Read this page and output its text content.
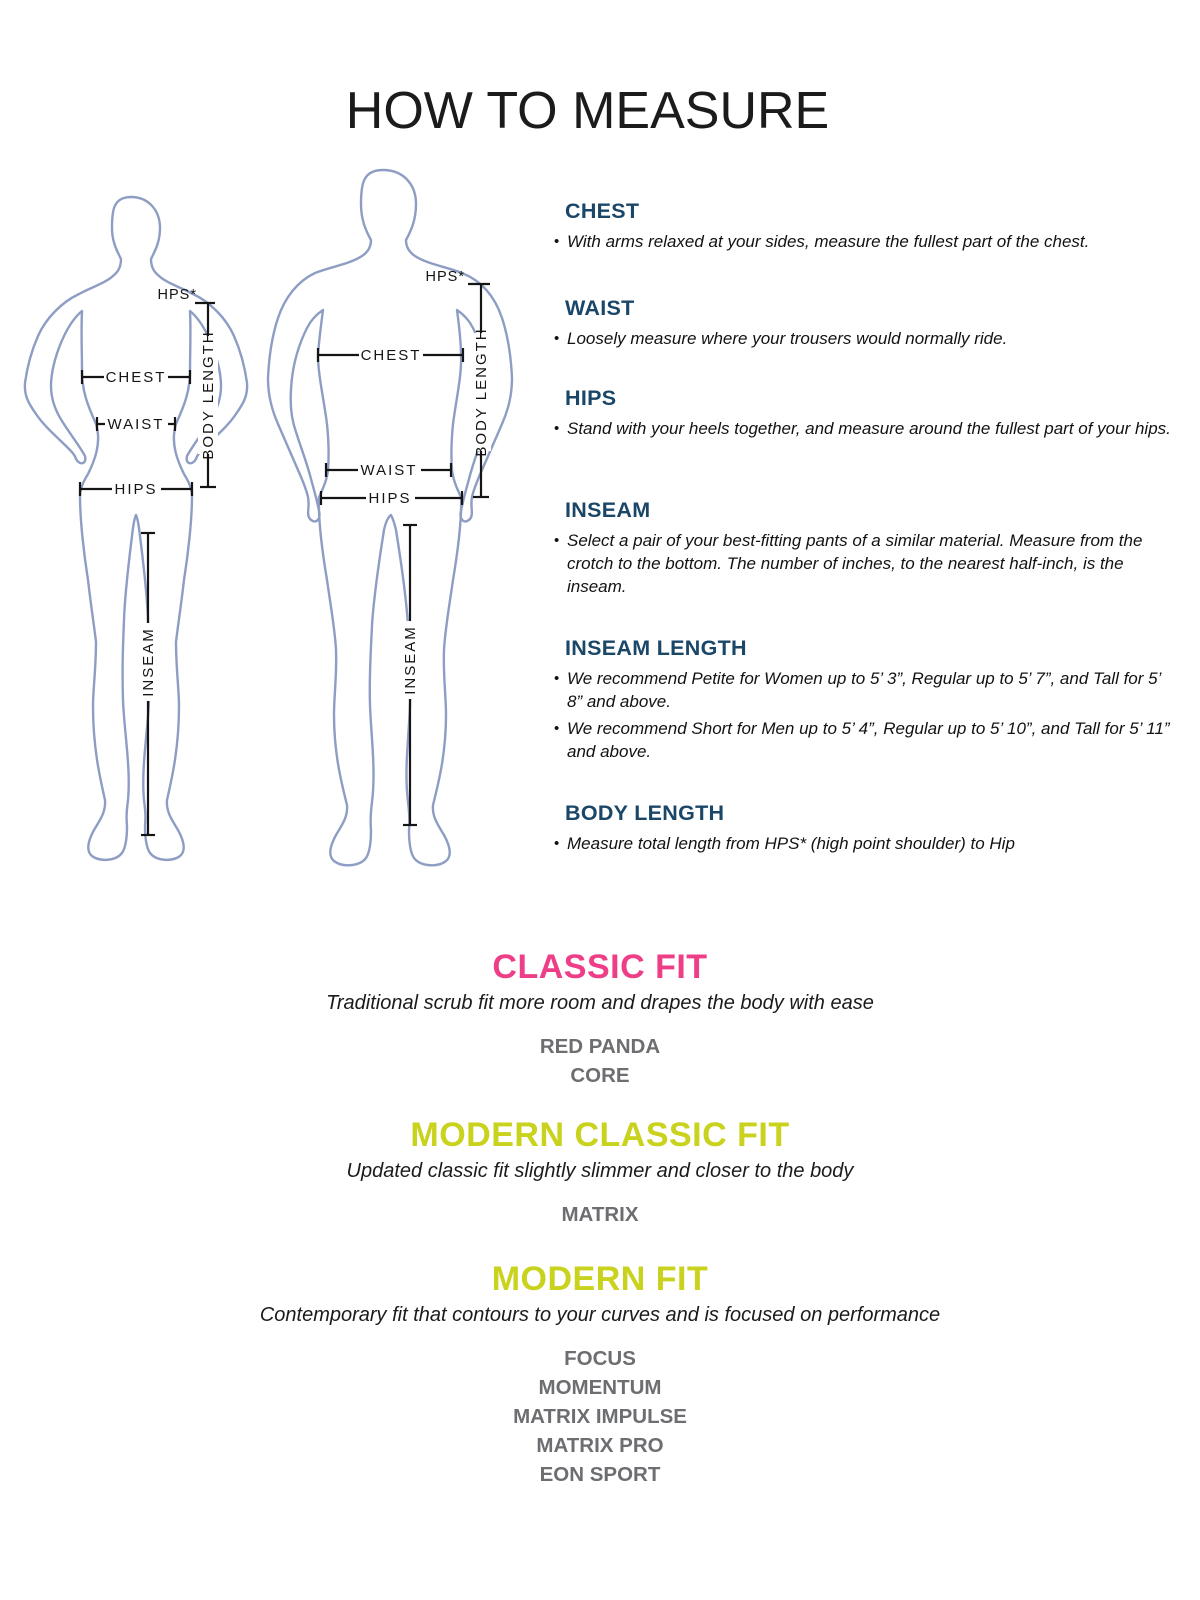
HOW TO MEASURE
HPS*
BODY LENGTH
CHEST
WAIST
HIPS
INSEAM
HPS*
BODY LENGTH
CHEST
WAIST
HIPS
INSEAM
CHEST
• With arms relaxed at your sides, measure the fullest part of the chest.
WAIST
• Loosely measure where your trousers would normally ride.
HIPS
• Stand with your heels together, and measure around the fullest part of your hips.
INSEAM
• Select a pair of your best-fitting pants of a similar material. Measure from the crotch to the bottom. The number of inches, to the nearest half-inch, is the inseam.
INSEAM LENGTH
• We recommend Petite for Women up to 5’ 3”, Regular up to 5’ 7”, and Tall for 5’ 8” and above.
• We recommend Short for Men up to 5’ 4”, Regular up to 5’ 10”, and Tall for 5’ 11” and above.
BODY LENGTH
• Measure total length from HPS* (high point shoulder) to Hip
CLASSIC FIT

Traditional scrub fit more room and drapes the body with ease

RED PANDA
CORE
MODERN CLASSIC FIT

Updated classic fit slightly slimmer and closer to the body

MATRIX
MODERN FIT

Contemporary fit that contours to your curves and is focused on performance

FOCUS
MOMENTUM
MATRIX IMPULSE
MATRIX PRO
EON SPORT
